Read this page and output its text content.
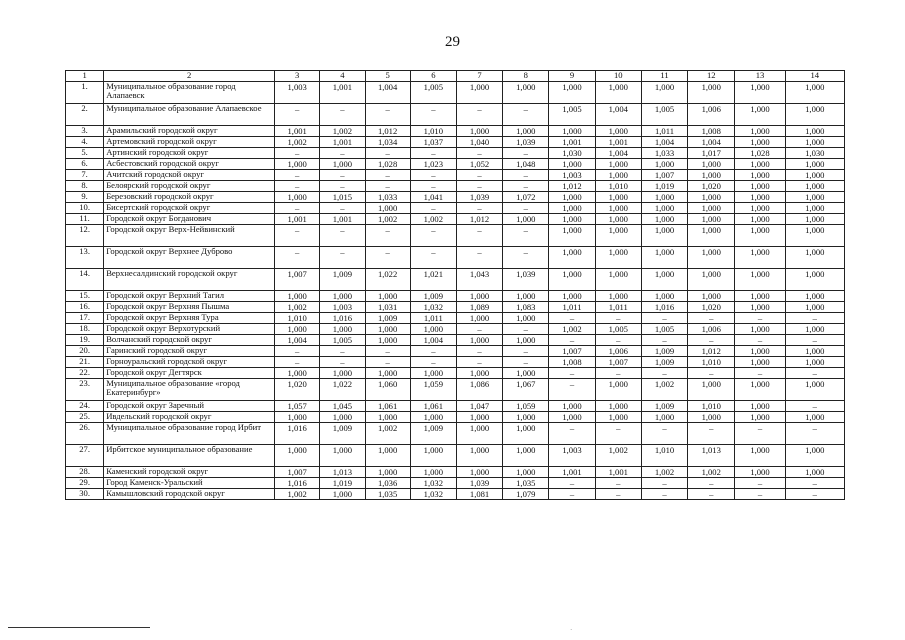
29
1	2	3	4	5	6	7	8	9	10	11	12	13	14
1.	Муниципальное образование город Алапаевск	1,003	1,001	1,004	1,005	1,000	1,000	1,000	1,000	1,000	1,000	1,000	1,000
2.	Муниципальное образование Алапаевское	–	–	–	–	–	–	1,005	1,004	1,005	1,006	1,000	1,000
3.	Арамильский городской округ	1,001	1,002	1,012	1,010	1,000	1,000	1,000	1,000	1,011	1,008	1,000	1,000
4.	Артемовский городской округ	1,002	1,001	1,034	1,037	1,040	1,039	1,001	1,001	1,004	1,004	1,000	1,000
5.	Артинский городской округ	–	–	–	–	–	–	1,030	1,004	1,033	1,017	1,028	1,030
6.	Асбестовский городской округ	1,000	1,000	1,028	1,023	1,052	1,048	1,000	1,000	1,000	1,000	1,000	1,000
7.	Ачитский городской округ	–	–	–	–	–	–	1,003	1,000	1,007	1,000	1,000	1,000
8.	Белоярский городской округ	–	–	–	–	–	–	1,012	1,010	1,019	1,020	1,000	1,000
9.	Березовский городской округ	1,000	1,015	1,033	1,041	1,039	1,072	1,000	1,000	1,000	1,000	1,000	1,000
10.	Бисертский городской округ	–	–	1,000	–	–	–	1,000	1,000	1,000	1,000	1,000	1,000
11.	Городской округ Богданович	1,001	1,001	1,002	1,002	1,012	1,000	1,000	1,000	1,000	1,000	1,000	1,000
12.	Городской округ Верх-Нейвинский	–	–	–	–	–	–	1,000	1,000	1,000	1,000	1,000	1,000
13.	Городской округ Верхнее Дуброво	–	–	–	–	–	–	1,000	1,000	1,000	1,000	1,000	1,000
14.	Верхнесалдинский городской округ	1,007	1,009	1,022	1,021	1,043	1,039	1,000	1,000	1,000	1,000	1,000	1,000
15.	Городской округ Верхний Тагил	1,000	1,000	1,000	1,009	1,000	1,000	1,000	1,000	1,000	1,000	1,000	1,000
16.	Городской округ Верхняя Пышма	1,002	1,003	1,031	1,032	1,089	1,083	1,011	1,011	1,016	1,020	1,000	1,000
17.	Городской округ Верхняя Тура	1,010	1,016	1,009	1,011	1,000	1,000	–	–	–	–	–	–
18.	Городской округ Верхотурский	1,000	1,000	1,000	1,000	–	–	1,002	1,005	1,005	1,006	1,000	1,000
19.	Волчанский городской округ	1,004	1,005	1,000	1,004	1,000	1,000	–	–	–	–	–	–
20.	Гаринский городской округ	–	–	–	–	–	–	1,007	1,006	1,009	1,012	1,000	1,000
21.	Горноуральский городской округ	–	–	–	–	–	–	1,008	1,007	1,009	1,010	1,000	1,000
22.	Городской округ Дегтярск	1,000	1,000	1,000	1,000	1,000	1,000	–	–	–	–	–	–
23.	Муниципальное образование «город Екатеринбург»	1,020	1,022	1,060	1,059	1,086	1,067	–	1,000	1,002	1,000	1,000	1,000
24.	Городской округ Заречный	1,057	1,045	1,061	1,061	1,047	1,059	1,000	1,000	1,009	1,010	1,000	–
25.	Ивдельский городской округ	1,000	1,000	1,000	1,000	1,000	1,000	1,000	1,000	1,000	1,000	1,000	1,000
26.	Муниципальное образование город Ирбит	1,016	1,009	1,002	1,009	1,000	1,000	–	–	–	–	–	–
27.	Ирбитское муниципальное образование	1,000	1,000	1,000	1,000	1,000	1,000	1,003	1,002	1,010	1,013	1,000	1,000
28.	Каменский городской округ	1,007	1,013	1,000	1,000	1,000	1,000	1,001	1,001	1,002	1,002	1,000	1,000
29.	Город Каменск-Уральский	1,016	1,019	1,036	1,032	1,039	1,035	–	–	–	–	–	–
30.	Камышловский городской округ	1,002	1,000	1,035	1,032	1,081	1,079	–	–	–	–	–	–
·
